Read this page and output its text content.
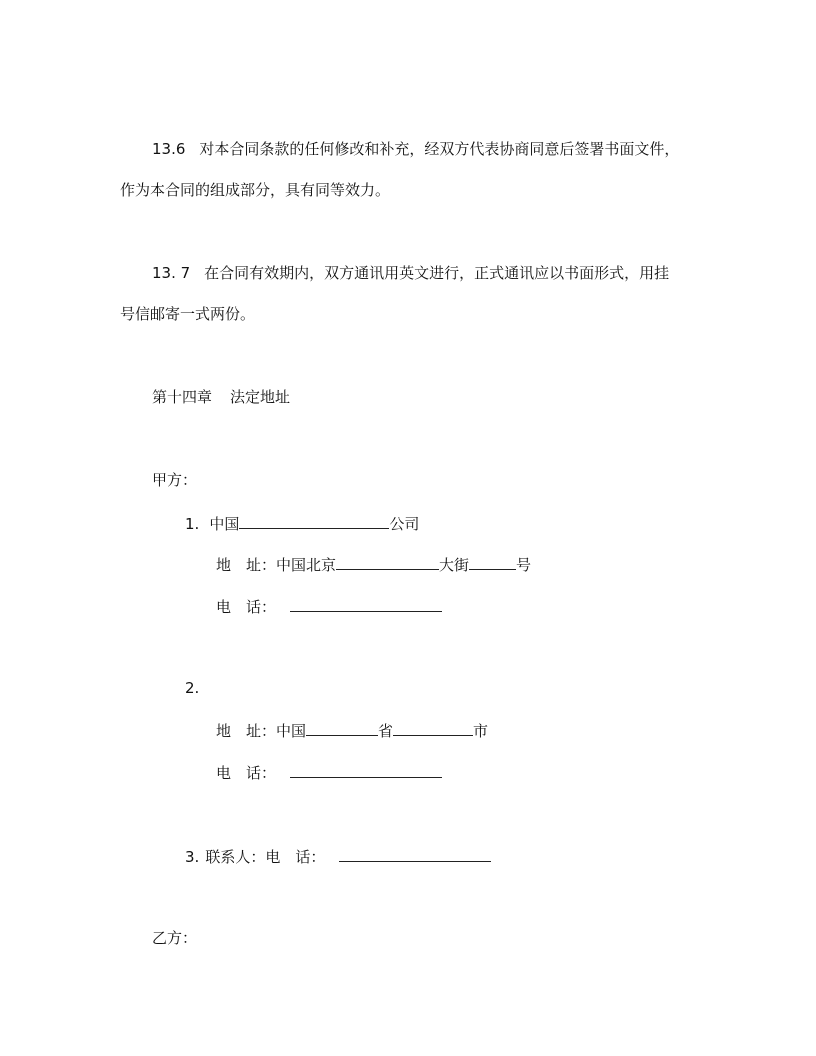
13.6 对本合同条款的任何修改和补充，经双方代表协商同意后签署书面文件，
作为本合同的组成部分，具有同等效力。
13. 7 在合同有效期内，双方通讯用英文进行，正式通讯应以书面形式，用挂
号信邮寄一式两份。
第十四章 法定地址
甲方：
1. 中国	公司
地　址：中国北京	大街	号
电　话：
2.
地　址：中国	省	市
电　话：
3. 联系人：电　话：
乙方：
